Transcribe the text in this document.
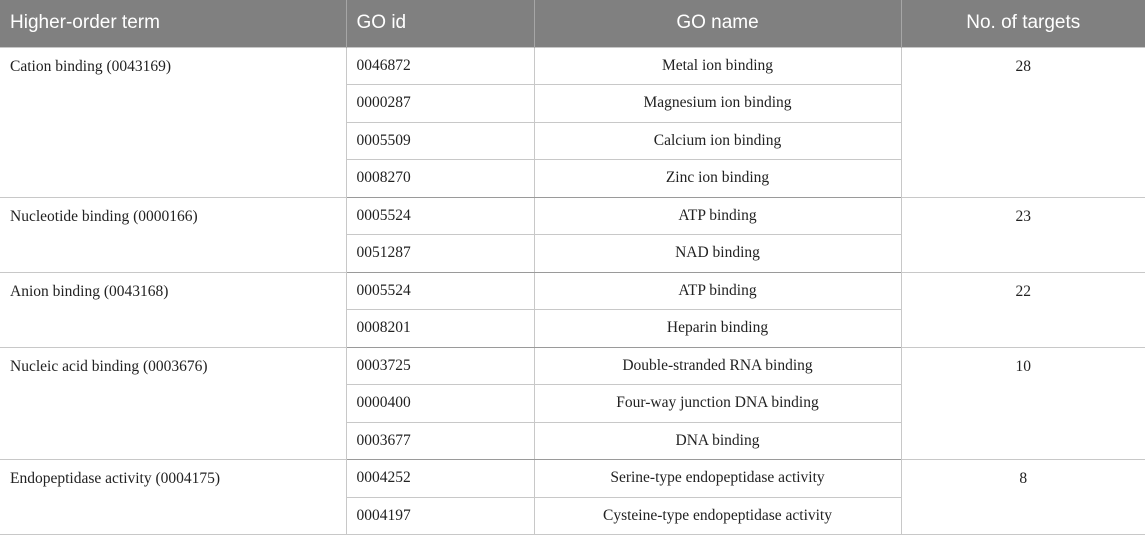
Higher-order term	GO id	GO name	No. of targets
Cation binding (0043169)	0046872	Metal ion binding	28
	0000287	Magnesium ion binding	
	0005509	Calcium ion binding	
	0008270	Zinc ion binding	
Nucleotide binding (0000166)	0005524	ATP binding	23
	0051287	NAD binding	
Anion binding (0043168)	0005524	ATP binding	22
	0008201	Heparin binding	
Nucleic acid binding (0003676)	0003725	Double-stranded RNA binding	10
	0000400	Four-way junction DNA binding	
	0003677	DNA binding	
Endopeptidase activity (0004175)	0004252	Serine-type endopeptidase activity	8
	0004197	Cysteine-type endopeptidase activity	
